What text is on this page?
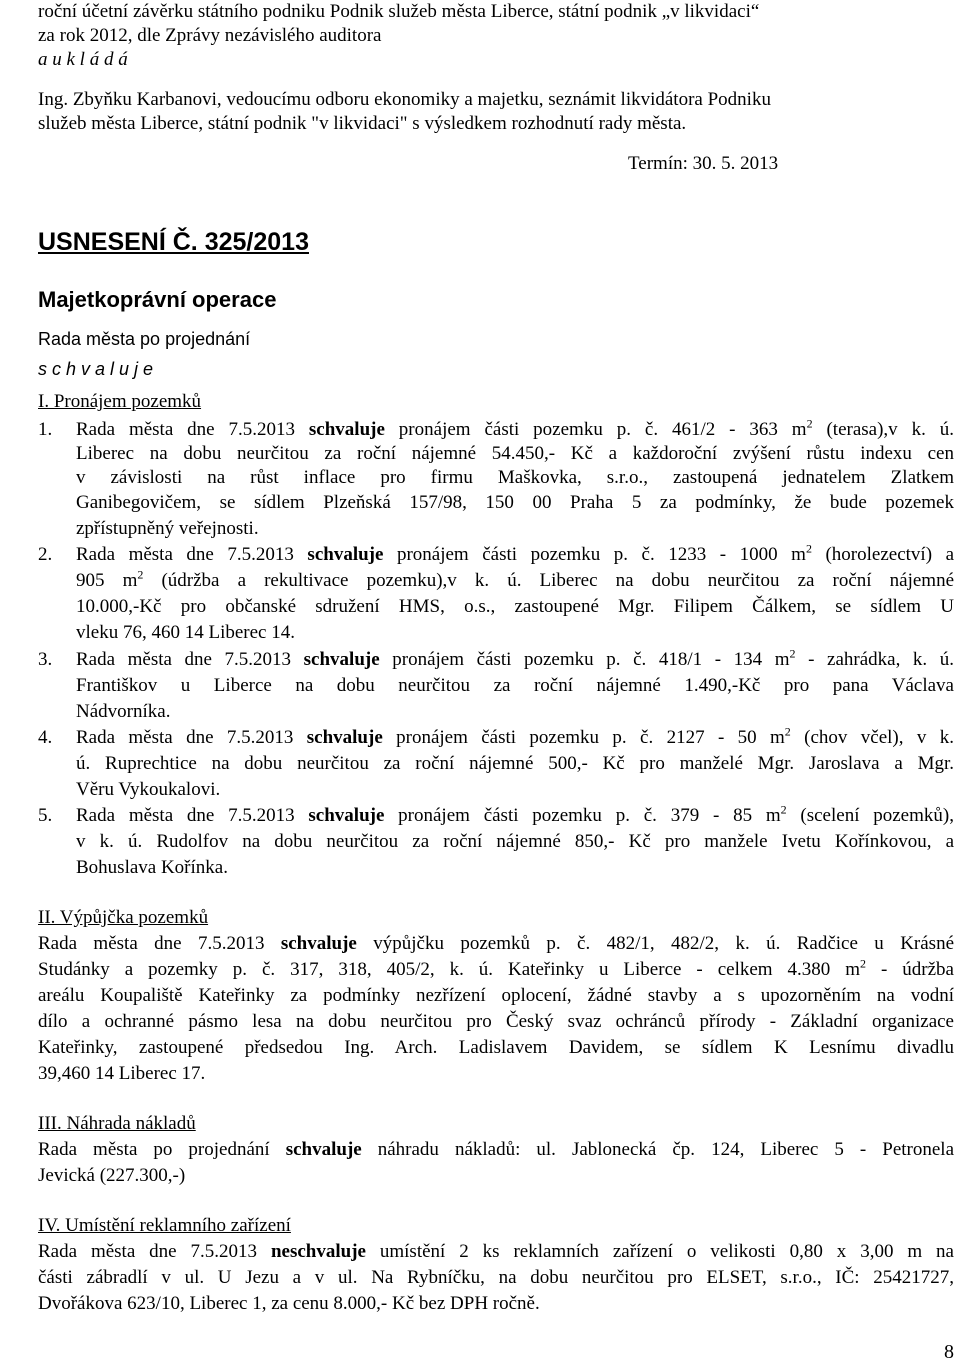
roční účetní závěrku státního podniku Podnik služeb města Liberce, státní podnik „v likvidaci“
za rok 2012, dle Zprávy nezávislého auditora
a u k l á d á
Ing. Zbyňku Karbanovi, vedoucímu odboru ekonomiky a majetku, seznámit likvidátora Podniku
služeb města Liberce, státní podnik "v likvidaci" s výsledkem rozhodnutí rady města.
Termín: 30. 5. 2013
USNESENÍ Č. 325/2013
Majetkoprávní operace
Rada města po projednání
s c h v a l u j e
I. Pronájem pozemků
1. Rada města dne 7.5.2013 schvaluje pronájem části pozemku p. č. 461/2 - 363 $m^2$ (terasa),v k. ú.
Liberec na dobu neurčitou za roční nájemné 54.450,- Kč a každoroční zvýšení růstu indexu cen
v závislosti na růst inflace pro firmu Maškovka, s.r.o., zastoupená jednatelem Zlatkem
Ganibegovičem, se sídlem Plzeňská 157/98, 150 00 Praha 5 za podmínky, že bude pozemek
zpřístupněný veřejnosti.
2. Rada města dne 7.5.2013 schvaluje pronájem části pozemku p. č. 1233 - 1000 $m^2$ (horolezectví) a
905 $m^2$ (údržba a rekultivace pozemku),v k. ú. Liberec na dobu neurčitou za roční nájemné
10.000,-Kč pro občanské sdružení HMS, o.s., zastoupené Mgr. Filipem Čálkem, se sídlem U
vleku 76, 460 14 Liberec 14.
3. Rada města dne 7.5.2013 schvaluje pronájem části pozemku p. č. 418/1 - 134 $m^2$ - zahrádka, k. ú.
Františkov u Liberce na dobu neurčitou za roční nájemné 1.490,-Kč pro pana Václava
Nádvorníka.
4. Rada města dne 7.5.2013 schvaluje pronájem části pozemku p. č. 2127 - 50 $m^2$ (chov včel), v k.
ú. Ruprechtice na dobu neurčitou za roční nájemné 500,- Kč pro manželé Mgr. Jaroslava a Mgr.
Věru Vykoukalovi.
5. Rada města dne 7.5.2013 schvaluje pronájem části pozemku p. č. 379 - 85 $m^2$ (scelení pozemků),
v k. ú. Rudolfov na dobu neurčitou za roční nájemné 850,- Kč pro manžele Ivetu Kořínkovou, a
Bohuslava Kořínka.
II. Výpůjčka pozemků
Rada města dne 7.5.2013 schvaluje výpůjčku pozemků p. č. 482/1, 482/2, k. ú. Radčice u Krásné
Studánky a pozemky p. č. 317, 318, 405/2, k. ú. Kateřinky u Liberce - celkem 4.380 $m^2$ - údržba
areálu Koupaliště Kateřinky za podmínky nezřízení oplocení, žádné stavby a s upozorněním na vodní
dílo a ochranné pásmo lesa na dobu neurčitou pro Český svaz ochránců přírody - Základní organizace
Kateřinky, zastoupené předsedou Ing. Arch. Ladislavem Davidem, se sídlem K Lesnímu divadlu
39,460 14 Liberec 17.
III. Náhrada nákladů
Rada města po projednání schvaluje náhradu nákladů: ul. Jablonecká čp. 124, Liberec 5 - Petronela
Jevická (227.300,-)
IV. Umístění reklamního zařízení
Rada města dne 7.5.2013 neschvaluje umístění 2 ks reklamních zařízení o velikosti 0,80 x 3,00 m na
části zábradlí v ul. U Jezu a v ul. Na Rybníčku, na dobu neurčitou pro ELSET, s.r.o., IČ: 25421727,
Dvořákova 623/10, Liberec 1, za cenu 8.000,- Kč bez DPH ročně.
8
